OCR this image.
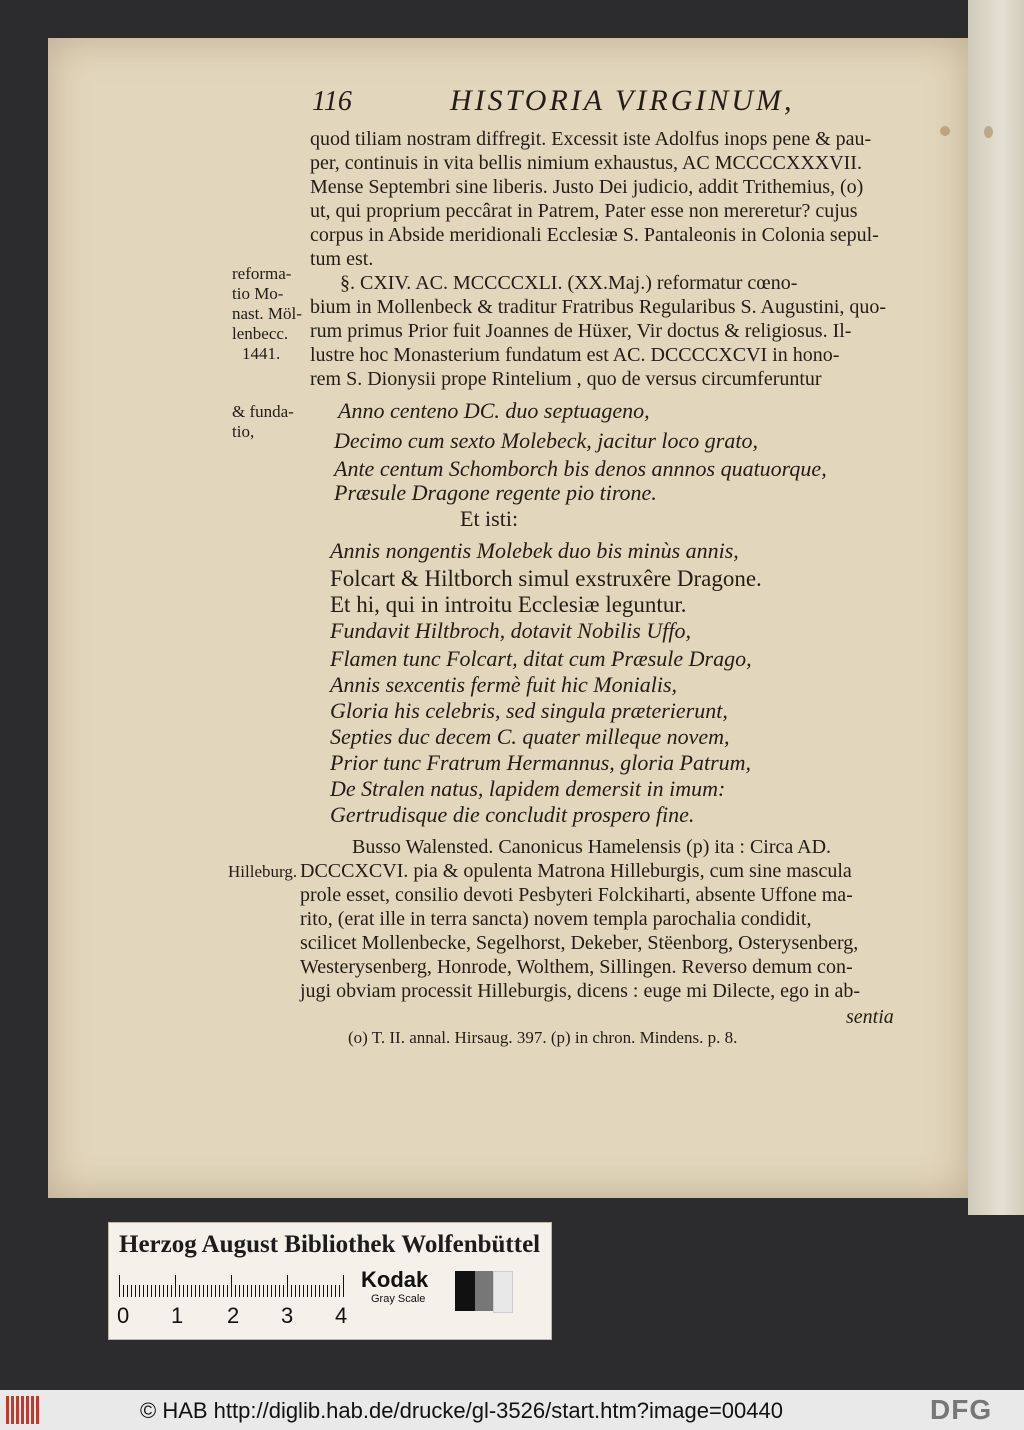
116	HISTORIA VIRGINUM,
quod tiliam nostram diffregit. Excessit iste Adolfus inops pene & pau-
per, continuis in vita bellis nimium exhaustus, AC MCCCCXXXVII.
Mense Septembri sine liberis. Justo Dei judicio, addit Trithemius, (o)
ut, qui proprium peccârat in Patrem, Pater esse non mereretur? cujus
corpus in Abside meridionali Ecclesiæ S. Pantaleonis in Colonia sepul-
tum est.
§. CXIV. AC. MCCCCXLI. (XX.Maj.) reformatur cœno-
bium in Mollenbeck & traditur Fratribus Regularibus S. Augustini, quo-
rum primus Prior fuit Joannes de Hüxer, Vir doctus & religiosus. Il-
lustre hoc Monasterium fundatum est AC. DCCCCXCVI in hono-
rem S. Dionysii prope Rintelium , quo de versus circumferuntur
reforma-
tio Mo-
nast. Möl-
lenbecc.
1441.
& funda-
tio,
Anno centeno DC. duo septuageno,
Decimo cum sexto Molebeck, jacitur loco grato,
Ante centum Schomborch bis denos annnos quatuorque,
Præsule Dragone regente pio tirone.
Et isti:
Annis nongentis Molebek duo bis minùs annis,
Folcart & Hiltborch simul exstruxêre Dragone.
Et hi, qui in introitu Ecclesiæ leguntur.
Fundavit Hiltbroch, dotavit Nobilis Uffo,
Flamen tunc Folcart, ditat cum Præsule Drago,
Annis sexcentis fermè fuit hic Monialis,
Gloria his celebris, sed singula præterierunt,
Septies duc decem C. quater milleque novem,
Prior tunc Fratrum Hermannus, gloria Patrum,
De Stralen natus, lapidem demersit in imum:
Gertrudisque die concludit prospero fine.
Busso Walensted. Canonicus Hamelensis (p) ita : Circa AD.
DCCCXCVI. pia & opulenta Matrona Hilleburgis, cum sine mascula
prole esset, consilio devoti Pesbyteri Folckiharti, absente Uffone ma-
rito, (erat ille in terra sancta) novem templa parochalia condidit,
scilicet Mollenbecke, Segelhorst, Dekeber, Stëenborg, Osterysenberg,
Westerysenberg, Honrode, Wolthem, Sillingen. Reverso demum con-
jugi obviam processit Hilleburgis, dicens : euge mi Dilecte, ego in ab-
sentia
Hilleburg.
(o) T. II. annal. Hirsaug. 397. (p) in chron. Mindens. p. 8.
Herzog August Bibliothek Wolfenbüttel
0 1 2 3 4
Kodak
Gray Scale
© HAB http://diglib.hab.de/drucke/gl-3526/start.htm?image=00440	DFG
